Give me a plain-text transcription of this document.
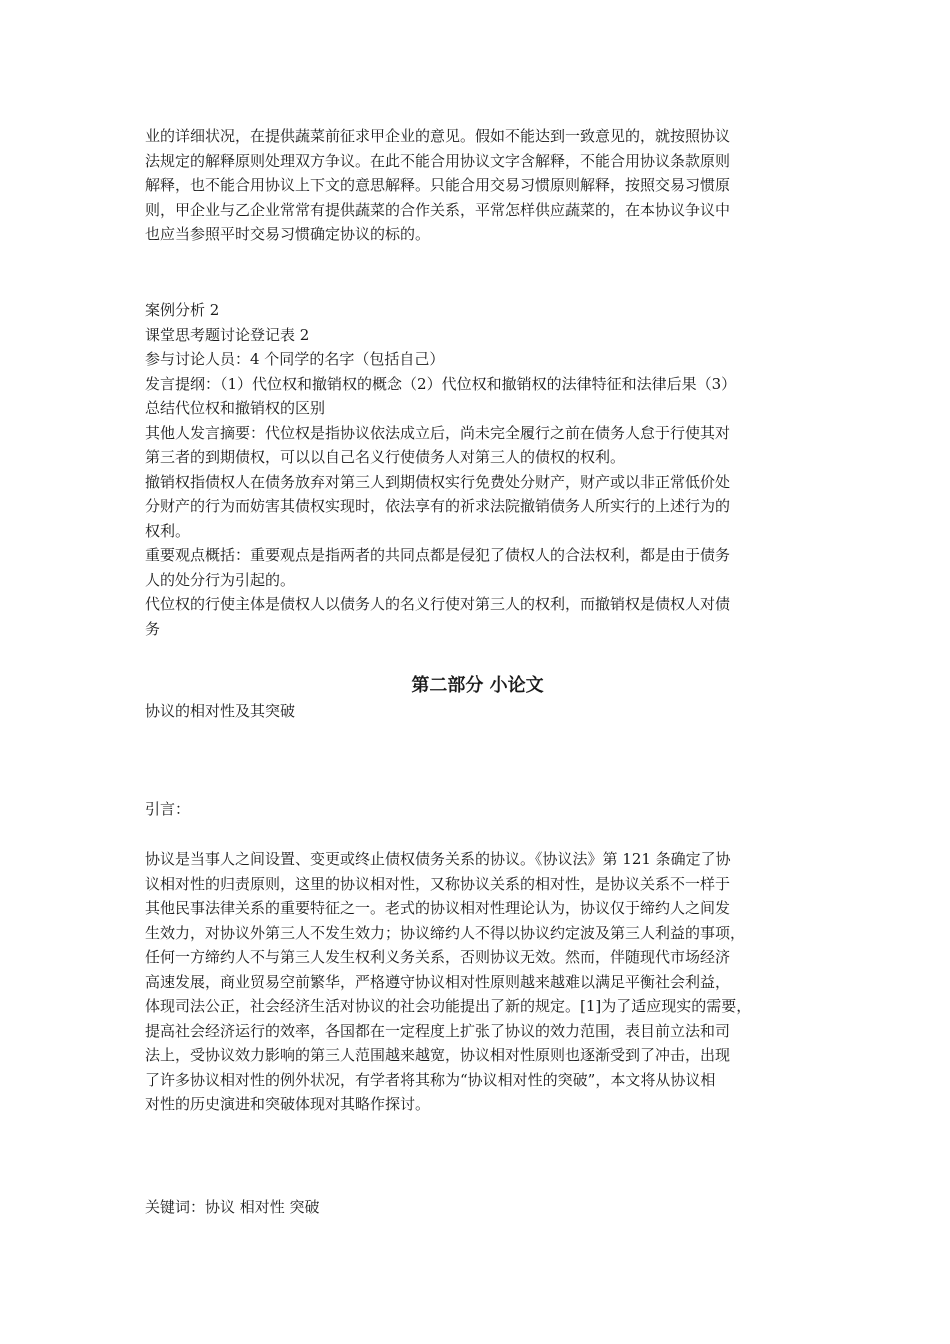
业的详细状况，在提供蔬菜前征求甲企业的意见。假如不能达到一致意见的，就按照协议
法规定的解释原则处理双方争议。在此不能合用协议文字含解释，不能合用协议条款原则
解释，也不能合用协议上下文的意思解释。只能合用交易习惯原则解释，按照交易习惯原
则，甲企业与乙企业常常有提供蔬菜的合作关系，平常怎样供应蔬菜的，在本协议争议中
也应当参照平时交易习惯确定协议的标的。
案例分析 2
课堂思考题讨论登记表 2
参与讨论人员：4 个同学的名字（包括自己）
发言提纲：（1）代位权和撤销权的概念（2）代位权和撤销权的法律特征和法律后果（3）
总结代位权和撤销权的区别
其他人发言摘要：代位权是指协议依法成立后，尚未完全履行之前在债务人怠于行使其对
第三者的到期债权，可以以自己名义行使债务人对第三人的债权的权利。
撤销权指债权人在债务放弃对第三人到期债权实行免费处分财产，财产或以非正常低价处
分财产的行为而妨害其债权实现时，依法享有的祈求法院撤销债务人所实行的上述行为的
权利。
重要观点概括：重要观点是指两者的共同点都是侵犯了债权人的合法权利，都是由于债务
人的处分行为引起的。
代位权的行使主体是债权人以债务人的名义行使对第三人的权利，而撤销权是债权人对债
务
第二部分 小论文
协议的相对性及其突破
引言：
协议是当事人之间设置、变更或终止债权债务关系的协议。《协议法》第 121 条确定了协
议相对性的归责原则，这里的协议相对性，又称协议关系的相对性，是协议关系不一样于
其他民事法律关系的重要特征之一。老式的协议相对性理论认为，协议仅于缔约人之间发
生效力，对协议外第三人不发生效力；协议缔约人不得以协议约定波及第三人利益的事项，
任何一方缔约人不与第三人发生权利义务关系，否则协议无效。然而，伴随现代市场经济
高速发展，商业贸易空前繁华，严格遵守协议相对性原则越来越难以满足平衡社会利益，
体现司法公正，社会经济生活对协议的社会功能提出了新的规定。[1]为了适应现实的需要，
提高社会经济运行的效率，各国都在一定程度上扩张了协议的效力范围，表目前立法和司
法上，受协议效力影响的第三人范围越来越宽，协议相对性原则也逐渐受到了冲击，出现
了许多协议相对性的例外状况，有学者将其称为“协议相对性的突破”，本文将从协议相
对性的历史演进和突破体现对其略作探讨。
关键词：协议 相对性 突破
